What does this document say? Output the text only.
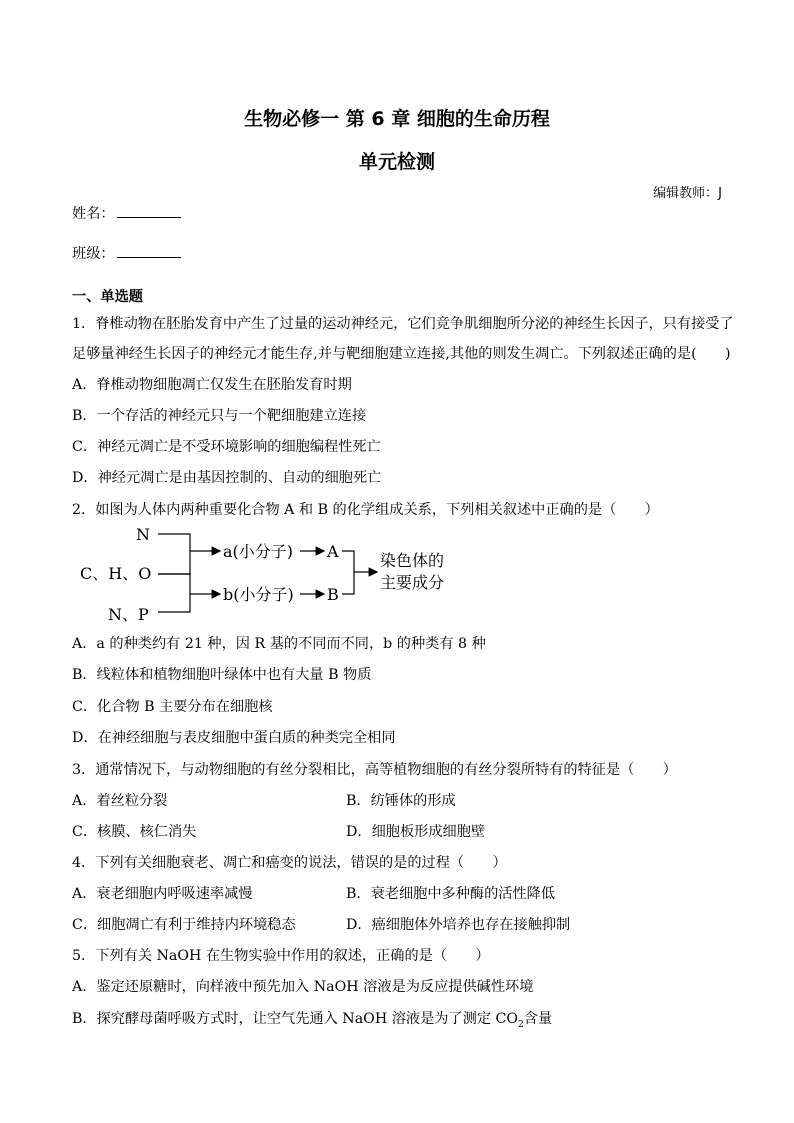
生物必修一 第 6 章 细胞的生命历程
单元检测
编辑教师：J
姓名：
班级：
一、单选题
1．脊椎动物在胚胎发育中产生了过量的运动神经元，它们竞争肌细胞所分泌的神经生长因子，只有接受了
足够量神经生长因子的神经元才能生存,并与靶细胞建立连接,其他的则发生凋亡。下列叙述正确的是(　　)
A．脊椎动物细胞凋亡仅发生在胚胎发育时期
B．一个存活的神经元只与一个靶细胞建立连接
C．神经元凋亡是不受环境影响的细胞编程性死亡
D．神经元凋亡是由基因控制的、自动的细胞死亡
2．如图为人体内两种重要化合物 A 和 B 的化学组成关系，下列相关叙述中正确的是（　　）
N
C、H、O
N、P
a(小分子) A
b(小分子) B
染色体的
主要成分
A．a 的种类约有 21 种，因 R 基的不同而不同，b 的种类有 8 种
B．线粒体和植物细胞叶绿体中也有大量 B 物质
C．化合物 B 主要分布在细胞核
D．在神经细胞与表皮细胞中蛋白质的种类完全相同
3．通常情况下，与动物细胞的有丝分裂相比，高等植物细胞的有丝分裂所特有的特征是（　　）
A．着丝粒分裂	B．纺锤体的形成
C．核膜、核仁消失	D．细胞板形成细胞壁
4．下列有关细胞衰老、凋亡和癌变的说法，错误的是的过程（　　）
A．衰老细胞内呼吸速率减慢	B．衰老细胞中多种酶的活性降低
C．细胞凋亡有利于维持内环境稳态	D．癌细胞体外培养也存在接触抑制
5．下列有关 NaOH 在生物实验中作用的叙述，正确的是（　　）
A．鉴定还原糖时，向样液中预先加入 NaOH 溶液是为反应提供碱性环境
B．探究酵母菌呼吸方式时，让空气先通入 NaOH 溶液是为了测定 $CO_2$含量
